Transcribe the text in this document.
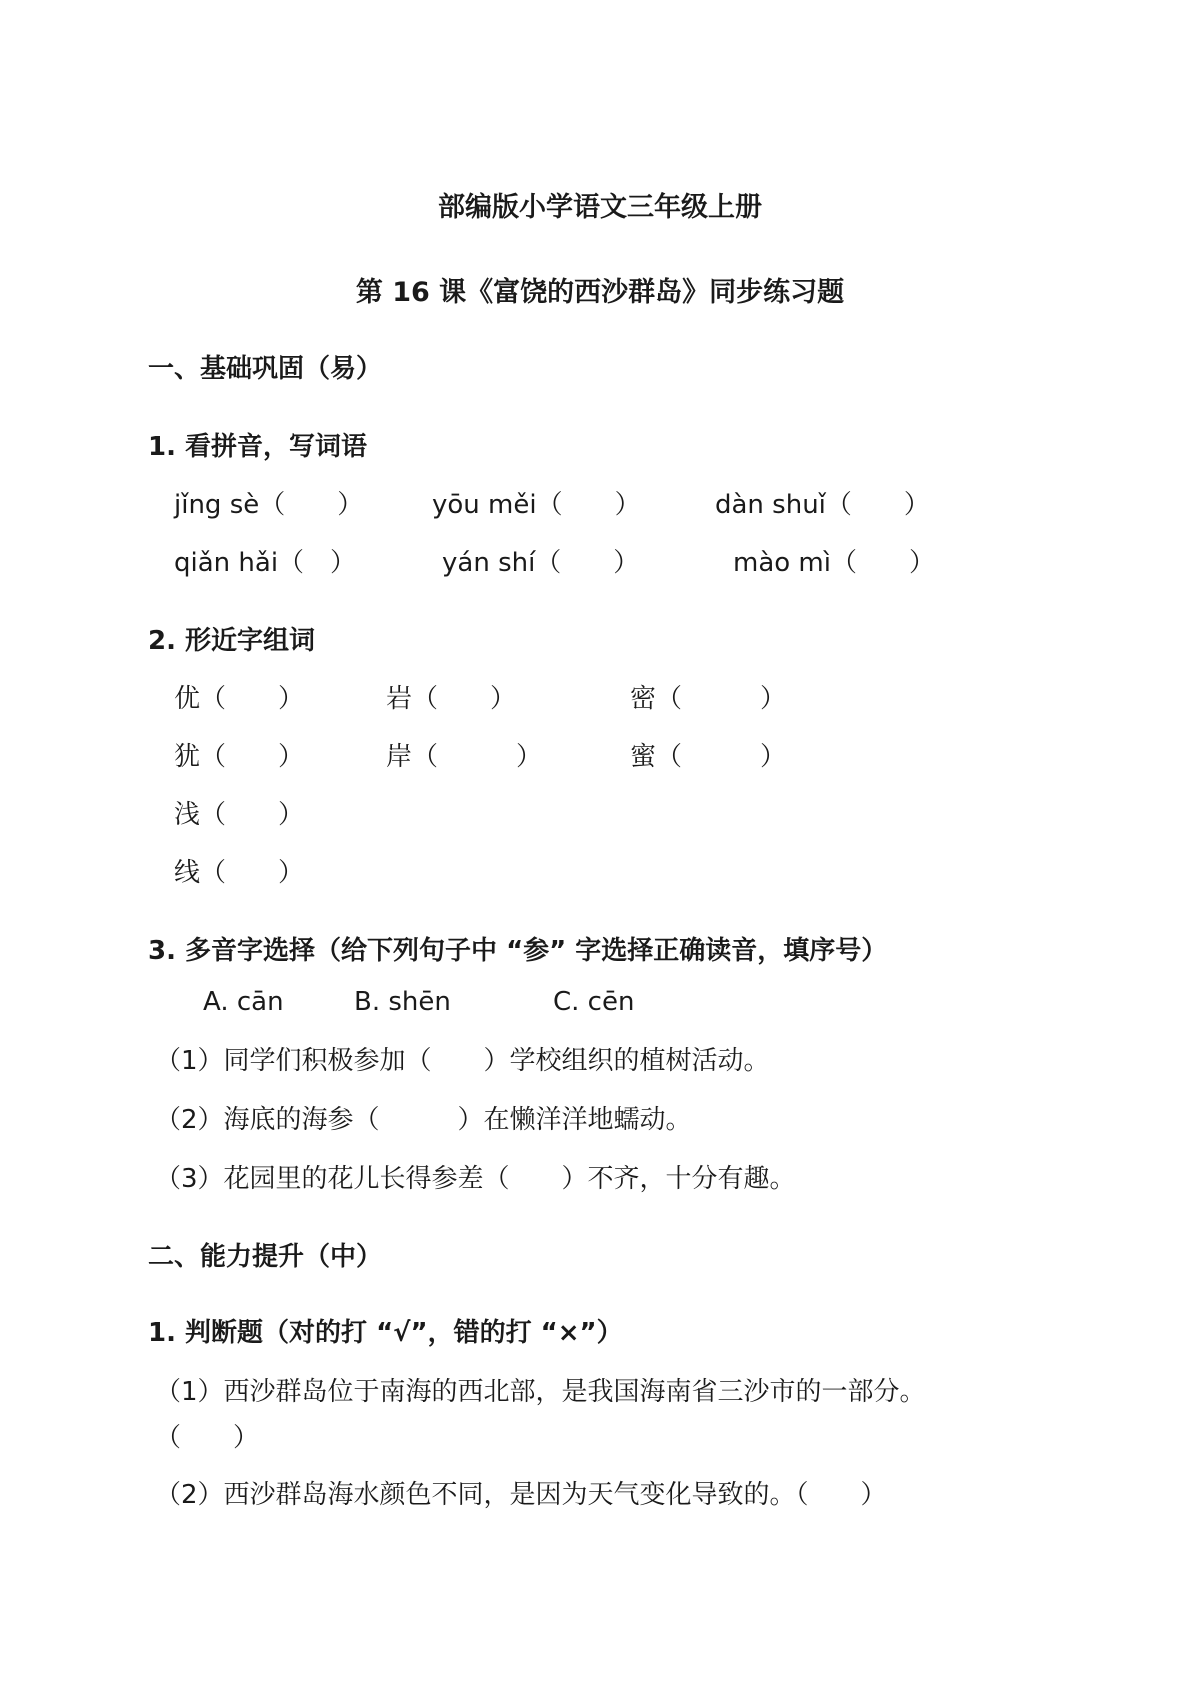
部编版小学语文三年级上册
第 16 课《富饶的西沙群岛》同步练习题
一、基础巩固（易）
1. 看拼音，写词语
jǐng sè（　　）	yōu měi（　　）	dàn shuǐ（　　）
qiǎn hǎi（　）	yán shí（　　）	mào mì（　　）
2. 形近字组词
优（　　）	岩（　　）	密（　　　）
犹（　　）	岸（　　　）	蜜（　　　）
浅（　　）
线（　　）
3. 多音字选择（给下列句子中 “参” 字选择正确读音，填序号）
A. cān	B. shēn	C. cēn
（1）同学们积极参加（　　）学校组织的植树活动。
（2）海底的海参（　　　）在懒洋洋地蠕动。
（3）花园里的花儿长得参差（　　）不齐，十分有趣。
二、能力提升（中）
1. 判断题（对的打 “√”，错的打 “×”）
（1）西沙群岛位于南海的西北部，是我国海南省三沙市的一部分。
（　　）
（2）西沙群岛海水颜色不同，是因为天气变化导致的。（　　）
